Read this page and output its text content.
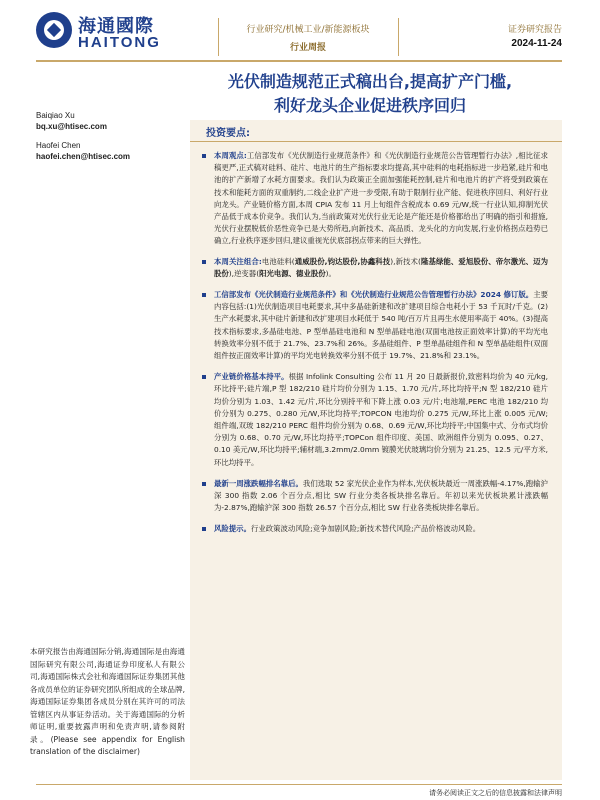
海通國際
HAITONG
行业研究/机械工业/新能源板块
行业周报
证券研究报告
2024-11-24
光伏制造规范正式稿出台,提高扩产门槛,
利好龙头企业促进秩序回归
Baiqiao Xu
bq.xu@htisec.com
Haofei Chen
haofei.chen@htisec.com
投资要点:
本周观点:工信部发布《光伏制造行业规范条件》和《光伏制造行业规范公告管理暂行办法》,相比征求稿更严,正式稿对硅料、硅片、电池片的生产指标要求均提高,其中硅料的电耗指标进一步趋紧,硅片和电池的扩产新增了水耗方面要求。我们认为政策正全面加强能耗控制,硅片和电池片的扩产将受到政策在技术和能耗方面的双重制约,二线企业扩产进一步受限,有助于限制行业产能、促进秩序回归、利好行业向龙头。产业链价格方面,本周 CPIA 发布 11 月上旬组件含税成本 0.69 元/W,统一行业认知,抑制光伏产品低于成本价竞争。我们认为,当前政策对光伏行业无论是产能还是价格都给出了明确的指引和措施,光伏行业摆脱低价恶性竞争已是大势所趋,向新技术、高品质、龙头化的方向发展,行业价格拐点趋势已确立,行业秩序逐步回归,建议重视光伏底部拐点带来的巨大弹性。
本周关注组合:电池硅料(通威股份,钧达股份,协鑫科技),新技术(隆基绿能、爱旭股份、帝尔激光、迈为股份),逆变器(阳光电源、德业股份)。
工信部发布《光伏制造行业规范条件》和《光伏制造行业规范公告管理暂行办法》2024 修订版。主要内容包括:(1)光伏制造项目电耗要求,其中多晶硅新建和改扩建项目综合电耗小于 53 千瓦时/千克。(2)生产水耗要求,其中硅片新建和改扩建项目水耗低于 540 吨/百万片且再生水使用率高于 40%。(3)提高技术指标要求,多晶硅电池、P 型单晶硅电池和 N 型单晶硅电池(双面电池按正面效率计算)的平均光电转换效率分别不低于 21.7%、23.7%和 26%。多晶硅组件、P 型单晶硅组件和 N 型单晶硅组件(双面组件按正面效率计算)的平均光电转换效率分别不低于 19.7%、21.8%和 23.1%。
产业链价格基本持平。根据 Infolink Consulting 公布 11 月 20 日最新报价,致密料均价为 40 元/kg,环比持平;硅片端,P 型 182/210 硅片均价分别为 1.15、1.70 元/片,环比均持平;N 型 182/210 硅片均价分别为 1.03、1.42 元/片,环比分别持平和下降上涨 0.03 元/片;电池端,PERC 电池 182/210 均价分别为 0.275、0.280 元/W,环比均持平;TOPCON 电池均价 0.275 元/W,环比上涨 0.005 元/W;组件端,双玻 182/210 PERC 组件均价分别为 0.68、0.69 元/W,环比均持平;中国集中式、分布式均价分别为 0.68、0.70 元/W,环比均持平;TOPCon 组件印度、美国、欧洲组件分别为 0.095、0.27、0.10 美元/W,环比均持平;辅材端,3.2mm/2.0mm 镀膜光伏玻璃均价分别为 21.25、12.5 元/平方米,环比均持平。
最新一周涨跌幅排名靠后。我们选取 52 家光伏企业作为样本,光伏板块最近一周涨跌幅-4.17%,跑输沪深 300 指数 2.06 个百分点,相比 SW 行业分类各板块排名靠后。年初以来光伏板块累计涨跌幅为-2.87%,跑输沪深 300 指数 26.57 个百分点,相比 SW 行业各类板块排名靠后。
风险提示。行业政策波动风险;竞争加剧风险;新技术替代风险;产品价格波动风险。
本研究报告由海通国际分销,海通国际是由海通国际研究有限公司,海通证券印度私人有限公司,海通国际株式会社和海通国际证券集团其他各成员单位的证券研究团队所组成的全球品牌,海通国际证券集团各成员分别在其许可的司法管辖区内从事证券活动。关于海通国际的分析师证明,重要披露声明和免责声明,请参阅附录。(Please see appendix for English translation of the disclaimer)
请务必阅读正文之后的信息披露和法律声明
